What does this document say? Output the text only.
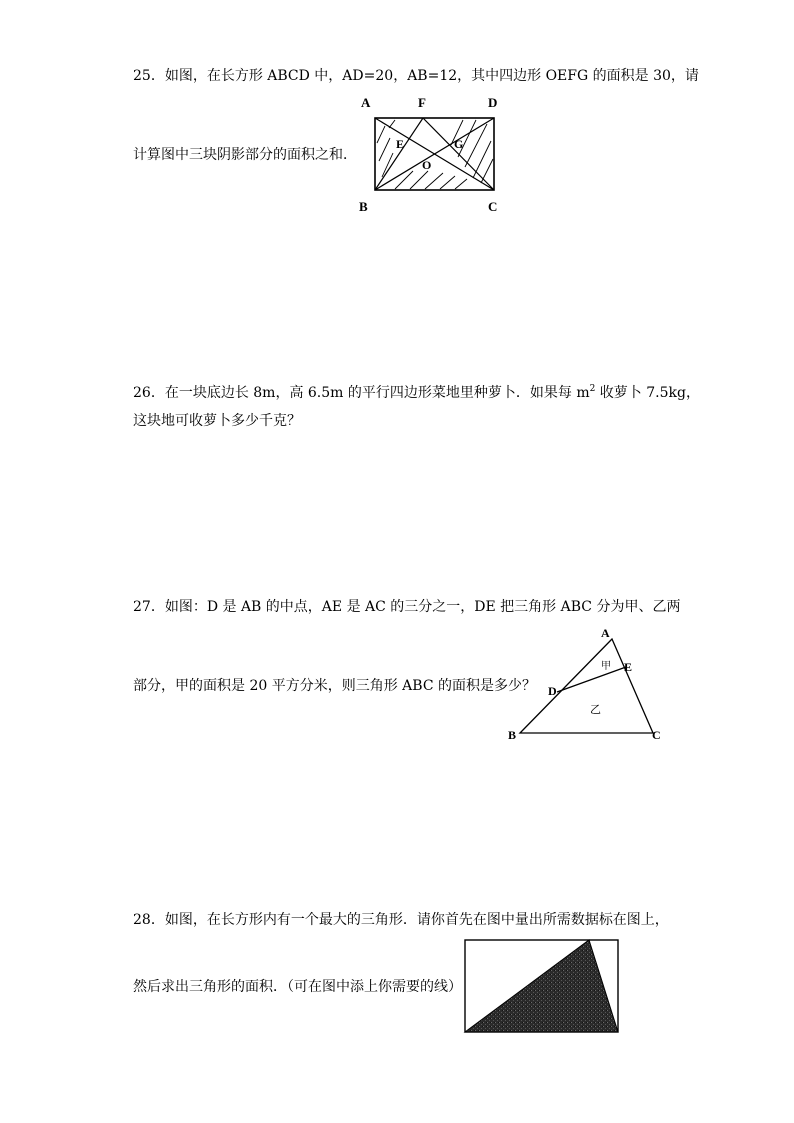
25．如图，在长方形 ABCD 中，AD=20，AB=12，其中四边形 OEFG 的面积是 30，请
计算图中三块阴影部分的面积之和．
A	F	D
E	G
O
B	C
26．在一块底边长 8m，高 6.5m 的平行四边形菜地里种萝卜．如果每 $m^2$ 收萝卜 7.5kg，
这块地可收萝卜多少千克？
27．如图：D 是 AB 的中点，AE 是 AC 的三分之一，DE 把三角形 ABC 分为甲、乙两
部分，甲的面积是 20 平方分米，则三角形 ABC 的面积是多少？
A
E
D
B	C
甲
乙
28．如图，在长方形内有一个最大的三角形．请你首先在图中量出所需数据标在图上，
然后求出三角形的面积．（可在图中添上你需要的线）
